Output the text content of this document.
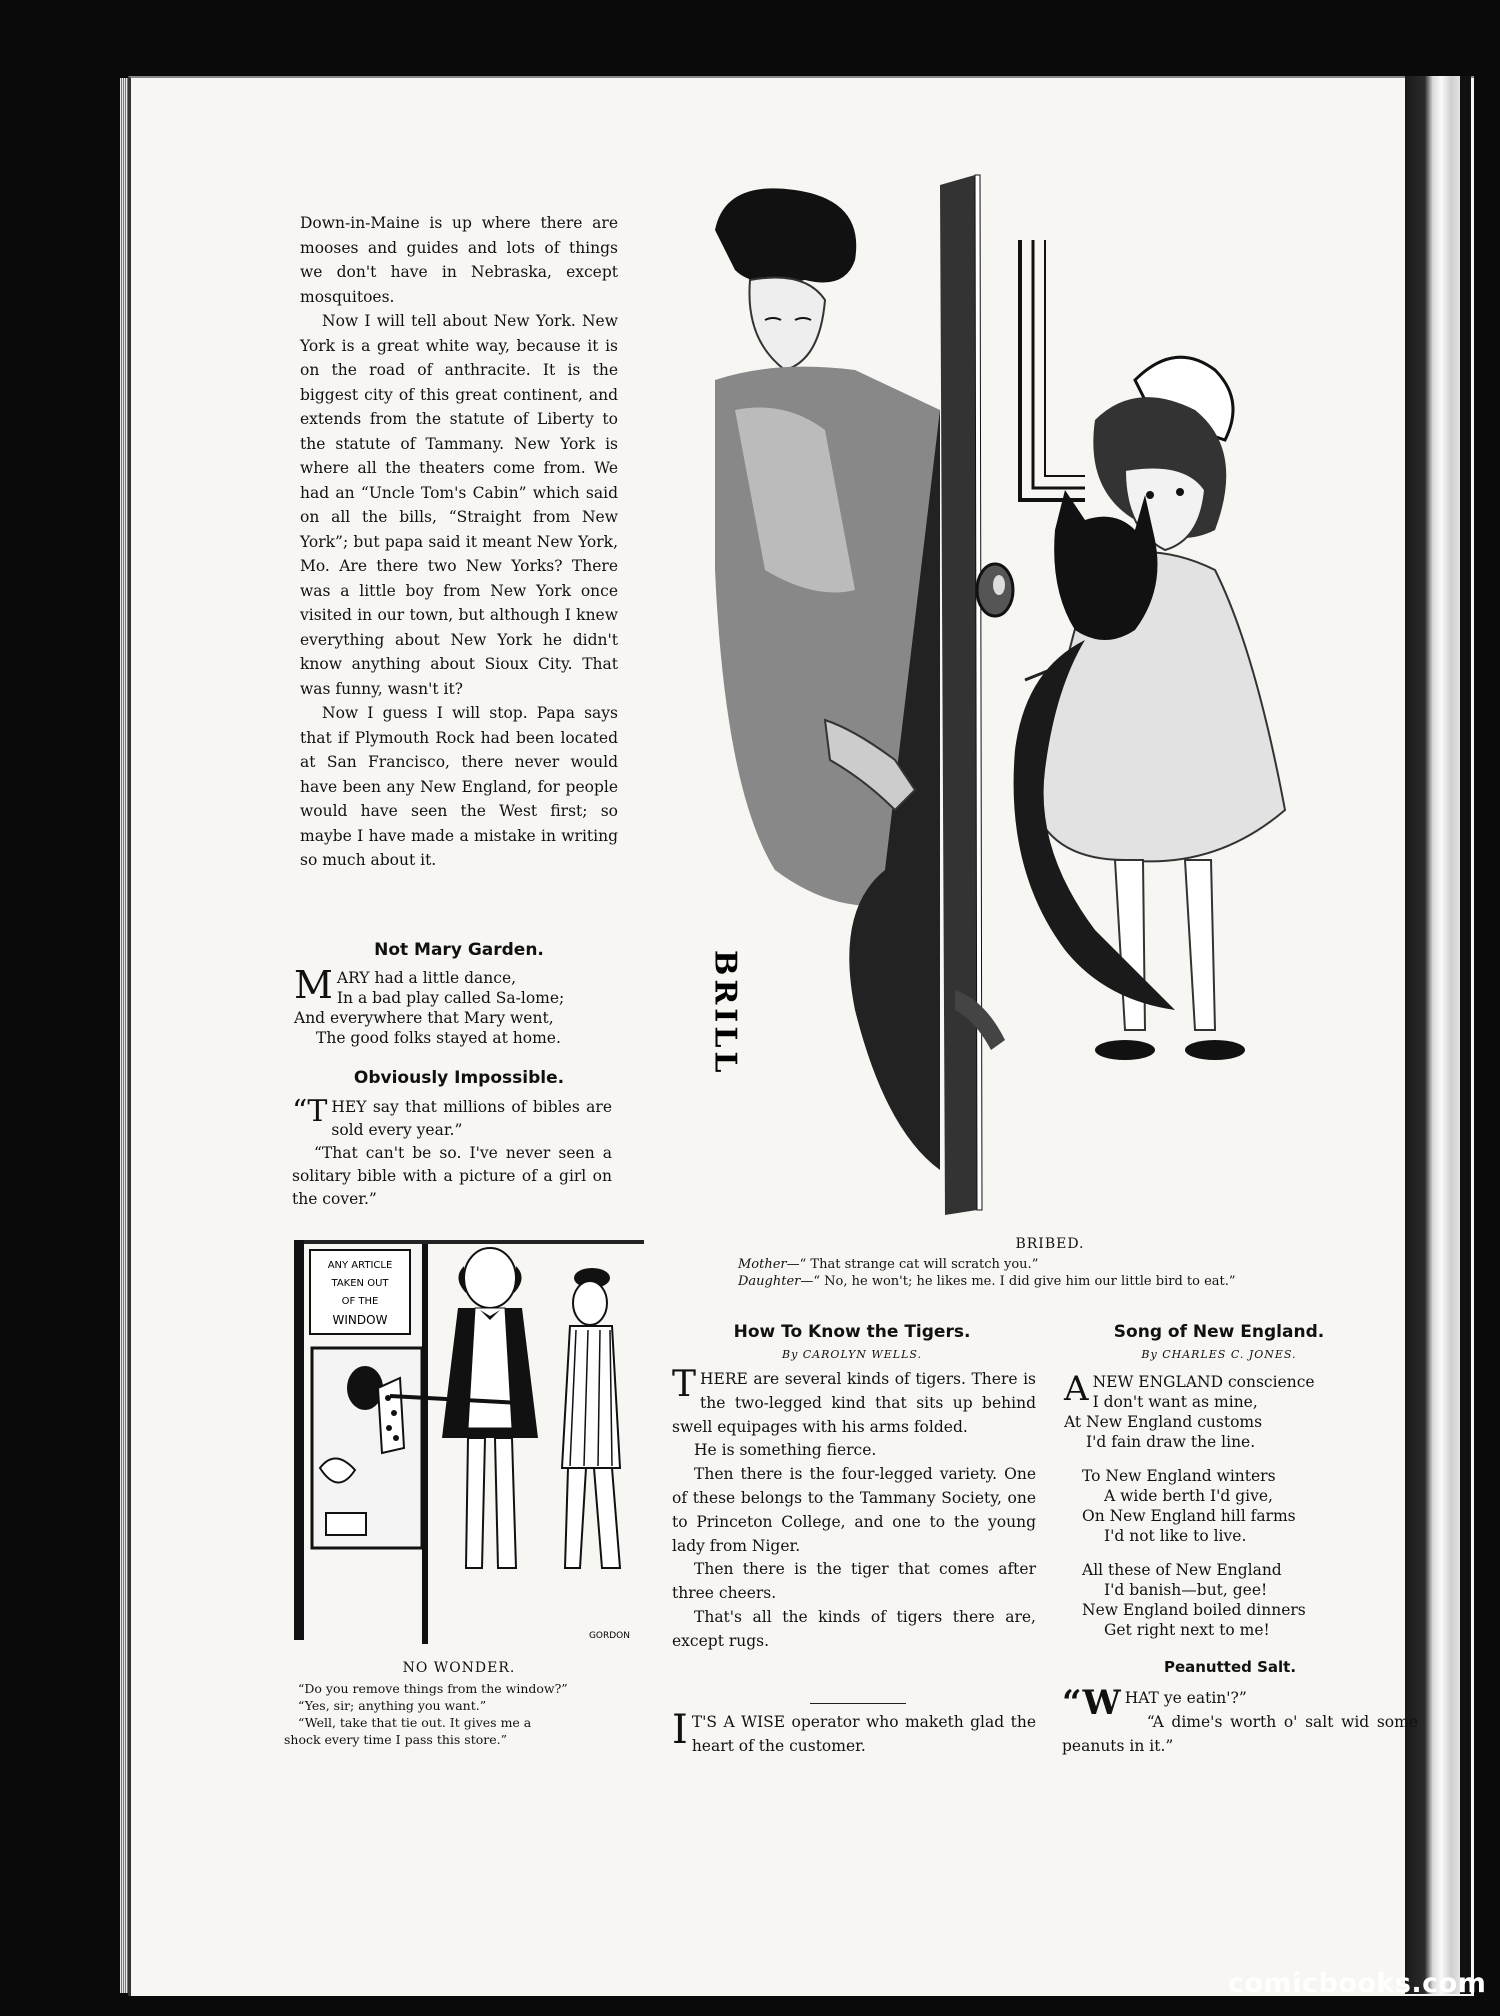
Down-in-Maine is up where there are mooses and guides and lots of things we don't have in Nebraska, except mosquitoes.

Now I will tell about New York. New York is a great white way, because it is on the road of anthracite. It is the biggest city of this great continent, and extends from the statute of Liberty to the statute of Tammany. New York is where all the theaters come from. We had an “Uncle Tom's Cabin” which said on all the bills, “Straight from New York”; but papa said it meant New York, Mo. Are there two New Yorks? There was a little boy from New York once visited in our town, but although I knew everything about New York he didn't know anything about Sioux City. That was funny, wasn't it?

Now I guess I will stop. Papa says that if Plymouth Rock had been located at San Francisco, there never would have been any New England, for people would have seen the West first; so maybe I have made a mistake in writing so much about it.

Not Mary Garden.
M ARY had a little dance,
In a bad play called Sa-lome;
And everywhere that Mary went,
The good folks stayed at home.
Obviously Impossible.

“THEY say that millions of bibles are sold every year.”

“That can't be so. I've never seen a solitary bible with a picture of a girl on the cover.”

ANY ARTICLE
TAKEN OUT
OF THE
WINDOW
GORDON
NO WONDER.
“Do you remove things from the window?”
“Yes, sir; anything you want.”
“Well, take that tie out. It gives me a
shock every time I pass this store.”
BRILL
BRIBED.
Mother—“ That strange cat will scratch you.”
Daughter—“ No, he won't; he likes me. I did give him our little bird to eat.”
How To Know the Tigers.
By CAROLYN WELLS.

THERE are several kinds of tigers. There is the two-legged kind that sits up behind swell equipages with his arms folded.

He is something fierce.

Then there is the four-legged variety. One of these belongs to the Tammany Society, one to Princeton College, and one to the young lady from Niger.

Then there is the tiger that comes after three cheers.

That's all the kinds of tigers there are, except rugs.

I T'S A WISE operator who maketh glad the heart of the customer.

Song of New England.
By CHARLES C. JONES.
A NEW ENGLAND conscience
I don't want as mine,
At New England customs
I'd fain draw the line.
To New England winters
A wide berth I'd give,
On New England hill farms
I'd not like to live.
All these of New England
I'd banish—but, gee!
New England boiled dinners
Get right next to me!
Peanutted Salt.

“WHAT ye eatin'?”

“A dime's worth o' salt wid some peanuts in it.”

comicbooks.com
